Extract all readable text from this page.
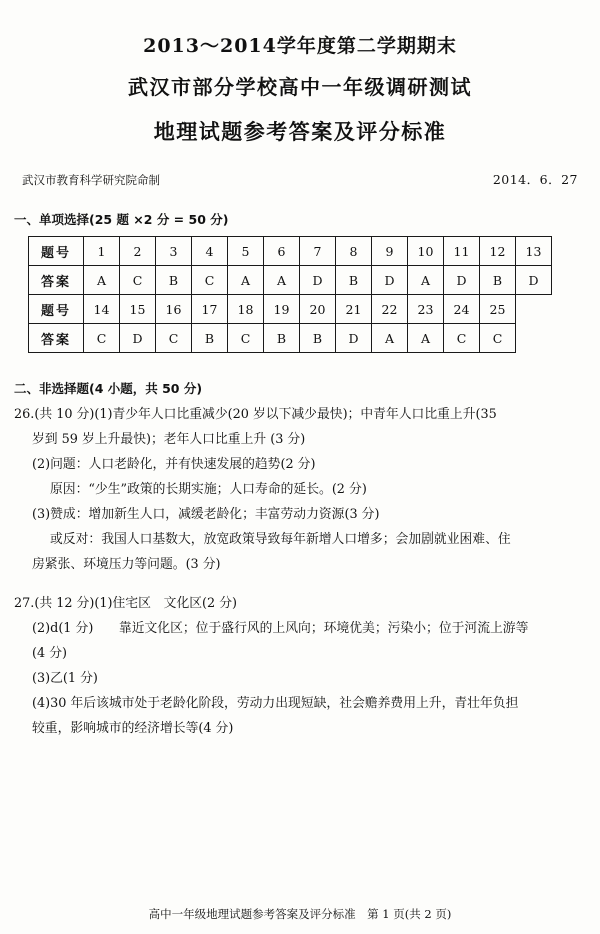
2013～2014学年度第二学期期末
武汉市部分学校高中一年级调研测试
地理试题参考答案及评分标准
武汉市教育科学研究院命制	2014．6．27
一、单项选择(25 题 ×2 分 = 50 分)
题号	1	2	3	4	5	6	7	8	9	10	11	12	13
答案	A	C	B	C	A	A	D	B	D	A	D	B	D
题号	14	15	16	17	18	19	20	21	22	23	24	25	
答案	C	D	C	B	C	B	B	D	A	A	C	C	
二、非选择题(4 小题，共 50 分)
26.(共 10 分)(1)青少年人口比重减少(20 岁以下减少最快)；中青年人口比重上升(35
岁到 59 岁上升最快)；老年人口比重上升 (3 分)
(2)问题：人口老龄化，并有快速发展的趋势(2 分)
原因：“少生”政策的长期实施；人口寿命的延长。(2 分)
(3)赞成：增加新生人口，减缓老龄化；丰富劳动力资源(3 分)
或反对：我国人口基数大，放宽政策导致每年新增人口增多；会加剧就业困难、住
房紧张、环境压力等问题。(3 分)
27.(共 12 分)(1)住宅区　文化区(2 分)
(2)d(1 分)　　靠近文化区；位于盛行风的上风向；环境优美；污染小；位于河流上游等
(4 分)
(3)乙(1 分)
(4)30 年后该城市处于老龄化阶段，劳动力出现短缺，社会赡养费用上升，青壮年负担
较重，影响城市的经济增长等(4 分)
高中一年级地理试题参考答案及评分标准　第 1 页(共 2 页)
